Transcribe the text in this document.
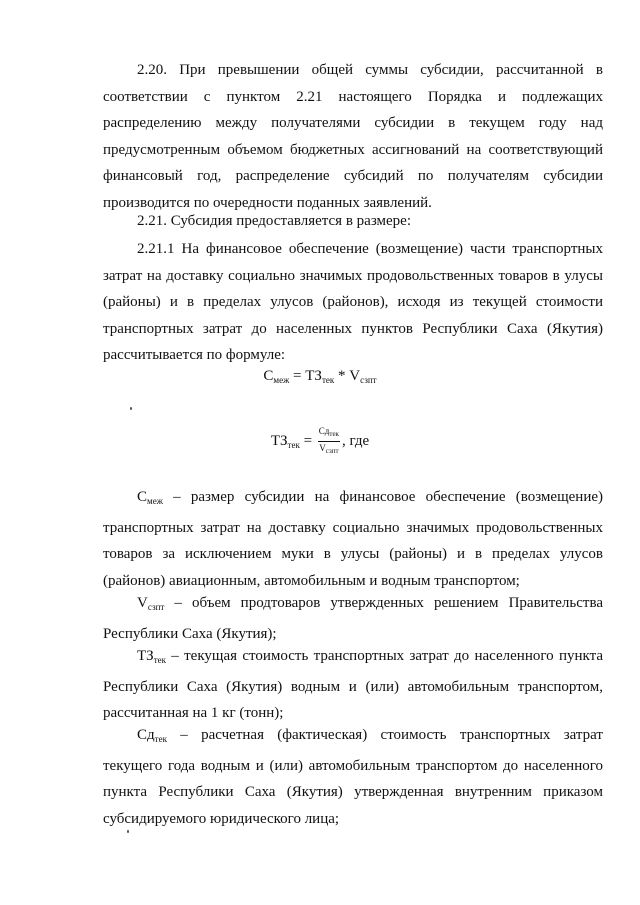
2.20. При превышении общей суммы субсидии, рассчитанной в соответствии с пунктом 2.21 настоящего Порядка и подлежащих распределению между получателями субсидии в текущем году над предусмотренным объемом бюджетных ассигнований на соответствующий финансовый год, распределение субсидий по получателям субсидии производится по очередности поданных заявлений.

2.21. Субсидия предоставляется в размере:

2.21.1 На финансовое обеспечение (возмещение) части транспортных затрат на доставку социально значимых продовольственных товаров в улусы (районы) и в пределах улусов (районов), исходя из текущей стоимости транспортных затрат до населенных пунктов Республики Саха (Якутия) рассчитывается по формуле:

$С_{меж} = ТЗ_{тек} * V_{сзпт}$
$ТЗ_{тек} = \frac{Cд_{тек}}{V_{сзпт}}$ , где

$С_{меж}$ – размер субсидии на финансовое обеспечение (возмещение) транспортных затрат на доставку социально значимых продовольственных товаров за исключением муки в улусы (районы) и в пределах улусов (районов) авиационным, автомобильным и водным транспортом;

$V_{сзпт}$ – объем продтоваров утвержденных решением Правительства Республики Саха (Якутия);

$ТЗ_{тек}$ – текущая стоимость транспортных затрат до населенного пункта Республики Саха (Якутия) водным и (или) автомобильным транспортом, рассчитанная на 1 кг (тонн);

$Сд_{тек}$ – расчетная (фактическая) стоимость транспортных затрат текущего года водным и (или) автомобильным транспортом до населенного пункта Республики Саха (Якутия) утвержденная внутренним приказом субсидируемого юридического лица;
